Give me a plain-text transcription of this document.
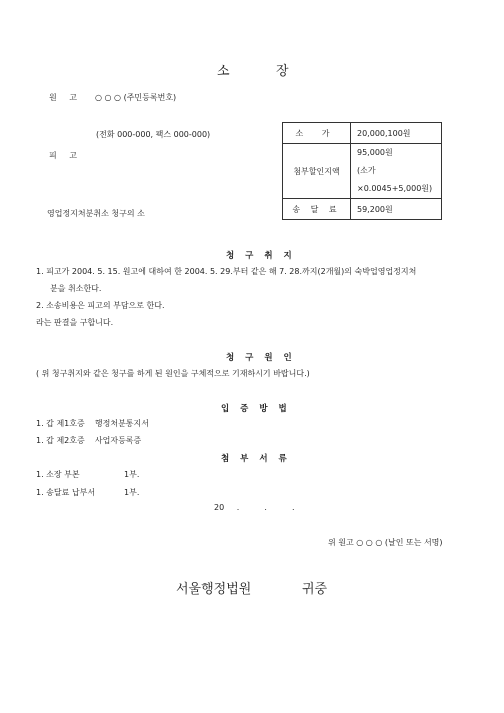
소	장
원 고 ○ ○ ○ (주민등록번호)
(전화 000-000, 팩스 000-000)
피 고
소 가	20,000,100원
첨부할인지액	95,000원
(소가×0.0045+5,000원)

송 달 료	59,200원
영업정지처분취소 청구의 소
청 구 취 지
1. 피고가 2004. 5. 15. 원고에 대하여 한 2004. 5. 29.부터 같은 해 7. 28.까지(2개월)의 숙박업영업정지처
분을 취소한다.
2. 소송비용은 피고의 부담으로 한다.
라는 판결을 구합니다.
청 구 원 인
( 위 청구취지와 같은 청구를 하게 된 원인을 구체적으로 기재하시기 바랍니다.)
입 증 방 법
1. 갑 제1호증    행정처분통지서
1. 갑 제2호증    사업자등록증
첨 부 서 류
1. 소장 부본	1부.
1. 송달료 납부서	1부.
20 .  .  .
위 원고 ○ ○ ○ (날인 또는 서명)
서울행정법원	귀중
